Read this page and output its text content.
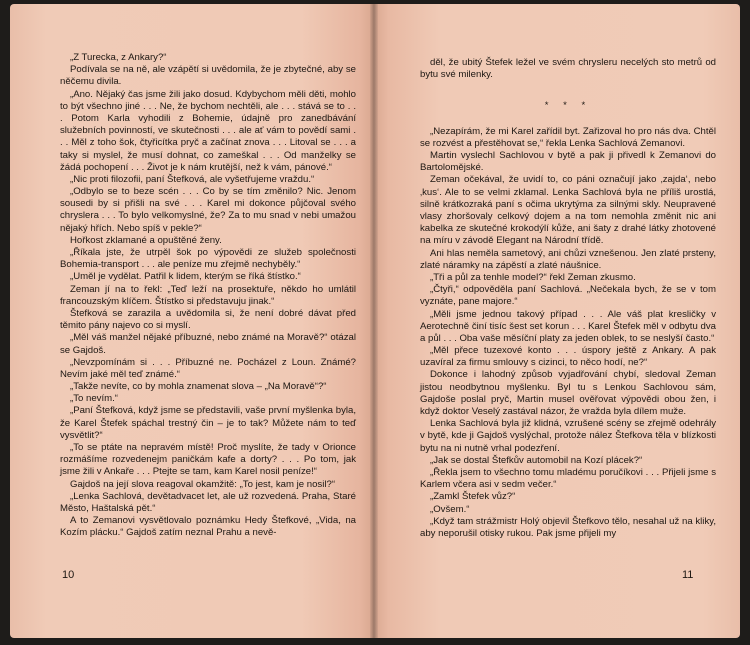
„Z Turecka, z Ankary?“

Podívala se na ně, ale vzápětí si uvědomila, že je zbytečné, aby se něčemu divila.

„Ano. Nějaký čas jsme žili jako dosud. Kdybychom měli děti, mohlo to být všechno jiné . . . Ne, že bychom nechtěli, ale . . . stává se to . . . Potom Karla vyhodili z Bohemie, údajně pro zanedbávání služebních povinností, ve skutečnosti . . . ale ať vám to povědí sami . . . Měl z toho šok, čtyřicítka pryč a začínat znova . . . Litoval se . . . a taky si myslel, že musí dohnat, co zameškal . . . Od manželky se žádá pochopení . . . Život je k nám krutější, než k vám, pánové.“

„Nic proti filozofii, paní Štefková, ale vyšetřujeme vraždu.“

„Odbylo se to beze scén . . . Co by se tím změnilo? Nic. Jenom sousedi by si přišli na své . . . Karel mi dokonce půjčoval svého chryslera . . . To bylo velkomyslné, že? Za to mu snad v nebi umažou nějaký hřích. Nebo spíš v pekle?“

Hořkost zklamané a opuštěné ženy.

„Říkala jste, že utrpěl šok po výpovědi ze služeb společnosti Bohemia-transport . . . ale peníze mu zřejmě nechyběly.“

„Uměl je vydělat. Patřil k lidem, kterým se říká štístko.“

Zeman jí na to řekl: „Teď leží na prosektuře, někdo ho umlátil francouzským klíčem. Štístko si představuju jinak.“

Štefková se zarazila a uvědomila si, že není dobré dávat před těmito pány najevo co si myslí.

„Měl váš manžel nějaké příbuzné, nebo známé na Moravě?“ otázal se Gajdoš.

„Nevzpomínám si . . . Příbuzné ne. Pocházel z Loun. Známé? Nevím jaké měl teď známé.“

„Takže nevíte, co by mohla znamenat slova – „Na Moravě“?“

„To nevím.“

„Paní Štefková, když jsme se představili, vaše první myšlenka byla, že Karel Štefek spáchal trestný čin – je to tak? Můžete nám to teď vysvětlit?“

„To se ptáte na nepravém místě! Proč myslíte, že tady v Orionce rozmášíme rozvedenejm paničkám kafe a dorty? . . . Po tom, jak jsme žili v Ankaře . . . Ptejte se tam, kam Karel nosil peníze!“

Gajdoš na její slova reagoval okamžitě: „To jest, kam je nosil?“

„Lenka Sachlová, devětadvacet let, ale už rozvedená. Praha, Staré Město, Haštalská pět.“

A to Zemanovi vysvětlovalo poznámku Hedy Štefkové, „Vida, na Kozím plácku.“ Gajdoš zatím neznal Prahu a nevě-

10

děl, že ubitý Štefek ležel ve svém chrysleru necelých sto metrů od bytu své milenky.

* * *

„Nezapírám, že mi Karel zařídil byt. Zařizoval ho pro nás dva. Chtěl se rozvést a přestěhovat se,“ řekla Lenka Sachlová Zemanovi.

Martin vyslechl Sachlovou v bytě a pak ji přivedl k Zemanovi do Bartolomějské.

Zeman očekával, že uvidí to, co páni označují jako ‚zajda‘, nebo ‚kus‘. Ale to se velmi zklamal. Lenka Sachlová byla ne příliš urostlá, silně krátkozraká paní s očima ukrytýma za silnými skly. Neupravené vlasy zhoršovaly celkový dojem a na tom nemohla změnit nic ani kabelka ze skutečné krokodýlí kůže, ani šaty z drahé látky zhotovené na míru v závodě Elegant na Národní třídě.

Ani hlas neměla sametový, ani chůzi vznešenou. Jen zlaté prsteny, zlaté náramky na zápěstí a zlaté náušnice.

„Tři a půl za tenhle model?“ řekl Zeman zkusmo.

„Čtyři,“ odpověděla paní Sachlová. „Nečekala bych, že se v tom vyznáte, pane majore.“

„Měli jsme jednou takový případ . . . Ale váš plat kresličky v Aerotechně činí tisíc šest set korun . . . Karel Štefek měl v odbytu dva a půl . . . Oba vaše měsíční platy za jeden oblek, to se neslyší často.“

„Měl přece tuzexové konto . . . úspory ještě z Ankary. A pak uzavíral za firmu smlouvy s cizinci, to něco hodí, ne?“

Dokonce i lahodný způsob vyjadřování chybí, sledoval Zeman jistou neodbytnou myšlenku. Byl tu s Lenkou Sachlovou sám, Gajdoše poslal pryč, Martin musel ověřovat výpovědi obou žen, i když doktor Veselý zastával názor, že vražda byla dílem muže.

Lenka Sachlová byla již klidná, vzrušené scény se zřejmě odehrály v bytě, kde ji Gajdoš vyslýchal, protože nález Štefkova těla v blízkosti bytu na ni nutně vrhal podezření.

„Jak se dostal Štefkův automobil na Kozí plácek?“

„Řekla jsem to všechno tomu mladému poručíkovi . . . Přijeli jsme s Karlem včera asi v sedm večer.“

„Zamkl Štefek vůz?“

„Ovšem.“

„Když tam strážmistr Holý objevil Štefkovo tělo, nesahal už na kliky, aby neporušil otisky rukou. Pak jsme přijeli my

11
